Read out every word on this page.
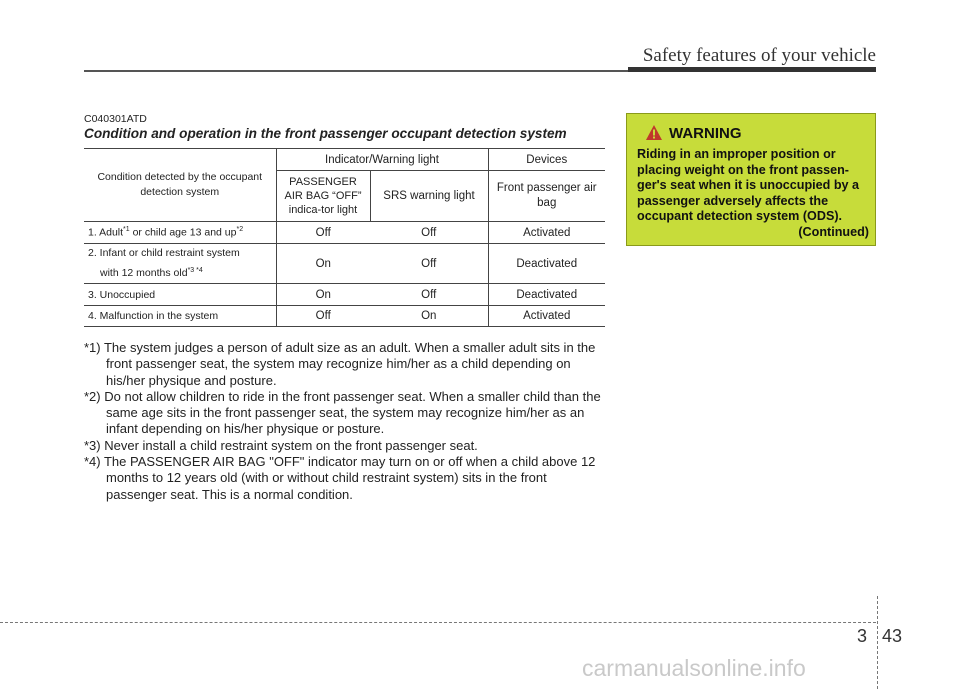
Safety features of your vehicle
C040301ATD
Condition and operation in the front passenger occupant detection system
Condition detected by the occupant detection system	Indicator/Warning light		Devices
	PASSENGER AIR BAG “OFF” indica-tor light	SRS warning light	Front passenger air bag
1. Adult$^{*1}$ or child age 13 and $up^{*2}$	Off	Off	Activated
2. Infant or child restraint system
with 12 months old$^{*3 *4}$	On	Off	Deactivated
3. Unoccupied	On	Off	Deactivated
4. Malfunction in the system	Off	On	Activated
*1) The system judges a person of adult size as an adult. When a smaller adult sits in the front passenger seat, the system may recognize him/her as a child depending on his/her physique and posture.
*2) Do not allow children to ride in the front passenger seat. When a smaller child than the same age sits in the front passenger seat, the system may recognize him/her as an infant depending on his/her physique or posture.
*3) Never install a child restraint system on the front passenger seat.
*4) The PASSENGER AIR BAG "OFF" indicator may turn on or off when a child above 12 months to 12 years old (with or without child restraint system) sits in the front passenger seat. This is a normal condition.
WARNING
Riding in an improper position or placing weight on the front passen-ger's seat when it is unoccupied by a passenger adversely affects the occupant detection system (ODS).
(Continued)
3 43
carmanualsonline.info
